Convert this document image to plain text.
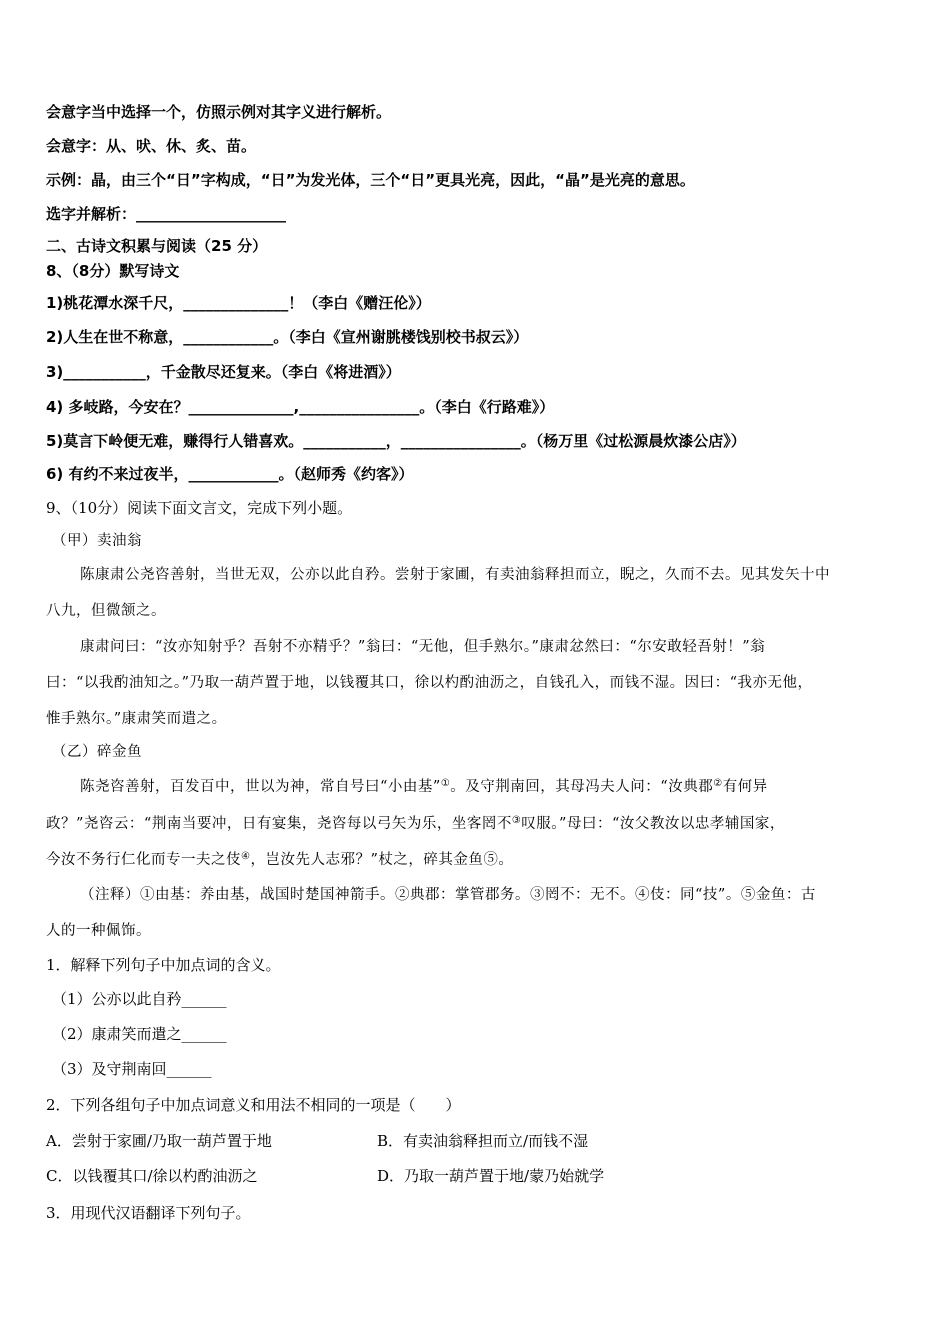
会意字当中选择一个，仿照示例对其字义进行解析。
会意字：从、吠、休、炙、苗。
示例：晶，由三个“日”字构成，“日”为发光体，三个“日”更具光亮，因此，“晶”是光亮的意思。
选字并解析：____________________
二、古诗文积累与阅读（25 分）
8、（8分）默写诗文
1)桃花潭水深千尺，______________！（李白《赠汪伦》）
2)人生在世不称意，____________。（李白《宣州谢朓楼饯别校书叔云》）
3)___________，千金散尽还复来。（李白《将进酒》）
4) 多岐路，今安在？______________,________________。（李白《行路难》）
5)莫言下岭便无难，赚得行人错喜欢。___________，________________。（杨万里《过松源晨炊漆公店》）
6) 有约不来过夜半，____________。（赵师秀《约客》）
9、（10分）阅读下面文言文，完成下列小题。
（甲）卖油翁
陈康肃公尧咨善射，当世无双，公亦以此自矜。尝射于家圃，有卖油翁释担而立，睨之，久而不去。见其发矢十中
八九，但微颔之。
康肃问曰：“汝亦知射乎？吾射不亦精乎？”翁曰：“无他，但手熟尔。”康肃忿然曰：“尔安敢轻吾射！”翁
曰：“以我酌油知之。”乃取一葫芦置于地，以钱覆其口，徐以杓酌油沥之，自钱孔入，而钱不湿。因曰：“我亦无他，
惟手熟尔。”康肃笑而遣之。
（乙）碎金鱼
陈尧咨善射，百发百中，世以为神，常自号曰“小由基”①。及守荆南回，其母冯夫人问：“汝典郡②有何异
政？”尧咨云：“荆南当要冲，日有宴集，尧咨每以弓矢为乐，坐客罔不③叹服。”母曰：“汝父教汝以忠孝辅国家，
今汝不务行仁化而专一夫之伎④，岂汝先人志邪？”杖之，碎其金鱼⑤。
（注释）①由基：养由基，战国时楚国神箭手。②典郡：掌管郡务。③罔不：无不。④伎：同“技”。⑤金鱼：古
人的一种佩饰。
1．解释下列句子中加点词的含义。
（1）公亦以此自矜______
（2）康肃笑而遣之______
（3）及守荆南回______
2．下列各组句子中加点词意义和用法不相同的一项是（　　）
A．尝射于家圃/乃取一葫芦置于地	B．有卖油翁释担而立/而钱不湿
C．以钱覆其口/徐以杓酌油沥之	D．乃取一葫芦置于地/蒙乃始就学
3．用现代汉语翻译下列句子。
